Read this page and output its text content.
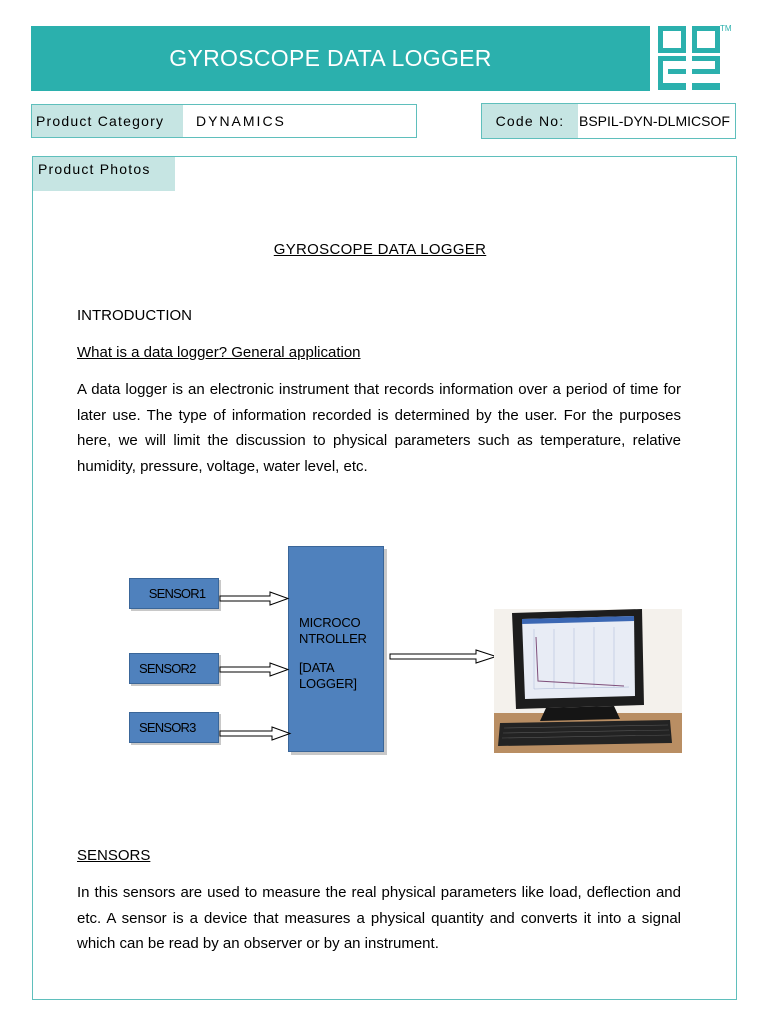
GYROSCOPE DATA LOGGER
TM
Product Category	DYNAMICS	Code No:	BSPIL-DYN-DLMICSOF
Product Photos
GYROSCOPE DATA LOGGER
INTRODUCTION
What is a data logger? General application
A data logger is an electronic instrument that records information over a period of time for later use. The type of information recorded is determined by the user. For the purposes here, we will limit the discussion to physical parameters such as temperature, relative humidity, pressure, voltage, water level, etc.
SENSOR1
SENSOR2
SENSOR3
MICROCO
NTROLLER
[DATA
LOGGER]
SENSORS
In this sensors are used to measure the real physical parameters like load, deflection and etc. A sensor is a device that measures a physical quantity and converts it into a signal which can be read by an observer or by an instrument.
